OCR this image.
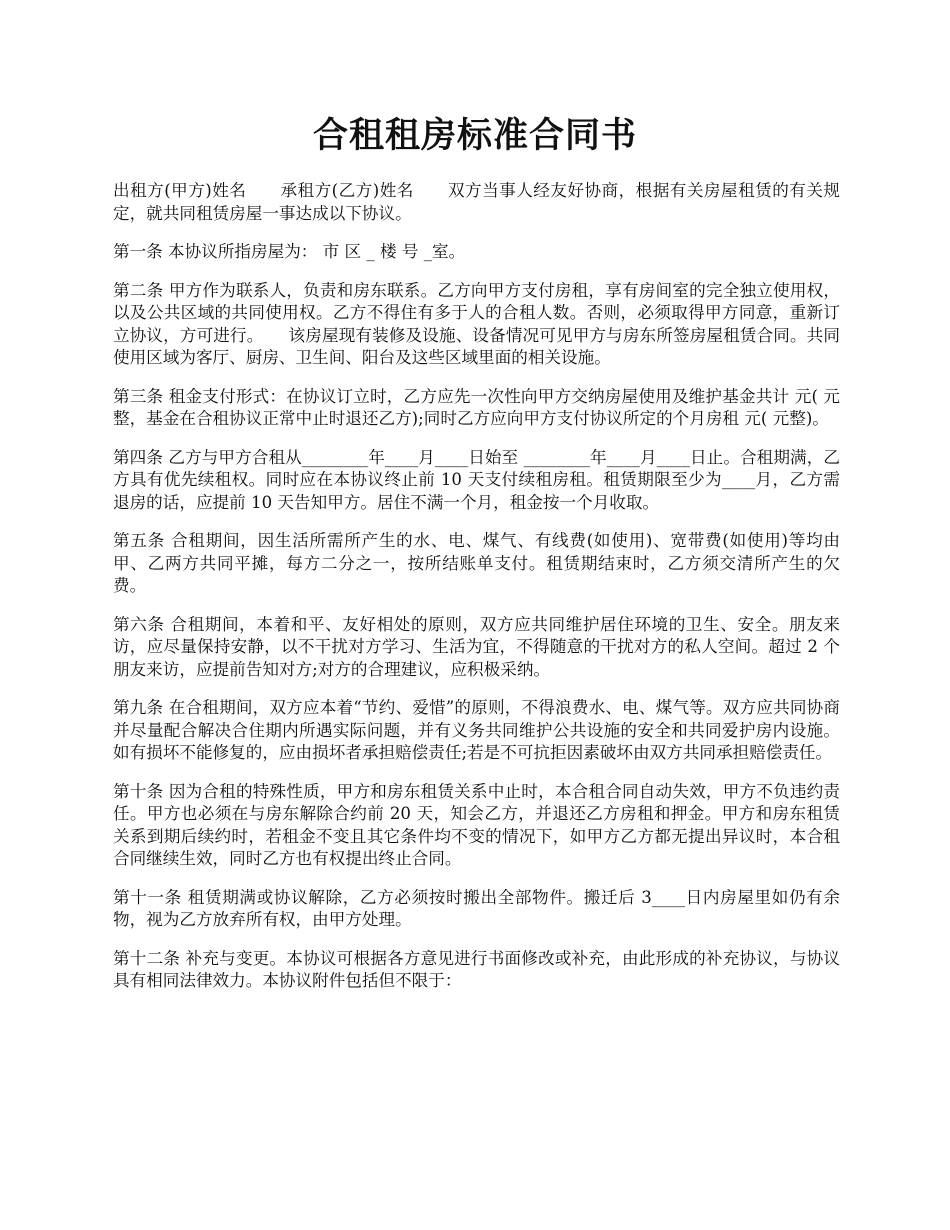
合租租房标准合同书

出租方(甲方)姓名　　承租方(乙方)姓名　　双方当事人经友好协商，根据有关房屋租赁的有关规定，就共同租赁房屋一事达成以下协议。

第一条 本协议所指房屋为： 市 区 _ 楼 号 _室。

第二条 甲方作为联系人，负责和房东联系。乙方向甲方支付房租，享有房间室的完全独立使用权，以及公共区域的共同使用权。乙方不得住有多于人的合租人数。否则，必须取得甲方同意，重新订立协议，方可进行。　　该房屋现有装修及设施、设备情况可见甲方与房东所签房屋租赁合同。共同使用区域为客厅、厨房、卫生间、阳台及这些区域里面的相关设施。

第三条 租金支付形式：在协议订立时，乙方应先一次性向甲方交纳房屋使用及维护基金共计 元( 元整，基金在合租协议正常中止时退还乙方);同时乙方应向甲方支付协议所定的个月房租 元( 元整)。

第四条 乙方与甲方合租从________年____月____日始至 ________年____月____日止。合租期满，乙方具有优先续租权。同时应在本协议终止前 10 天支付续租房租。租赁期限至少为____月，乙方需退房的话，应提前 10 天告知甲方。居住不满一个月，租金按一个月收取。

第五条 合租期间，因生活所需所产生的水、电、煤气、有线费(如使用)、宽带费(如使用)等均由甲、乙两方共同平摊，每方二分之一，按所结账单支付。租赁期结束时，乙方须交清所产生的欠费。

第六条 合租期间，本着和平、友好相处的原则，双方应共同维护居住环境的卫生、安全。朋友来访，应尽量保持安静，以不干扰对方学习、生活为宜，不得随意的干扰对方的私人空间。超过 2 个朋友来访，应提前告知对方;对方的合理建议，应积极采纳。

第九条 在合租期间，双方应本着“节约、爱惜”的原则，不得浪费水、电、煤气等。双方应共同协商并尽量配合解决合住期内所遇实际问题，并有义务共同维护公共设施的安全和共同爱护房内设施。如有损坏不能修复的，应由损坏者承担赔偿责任;若是不可抗拒因素破坏由双方共同承担赔偿责任。

第十条 因为合租的特殊性质，甲方和房东租赁关系中止时，本合租合同自动失效，甲方不负违约责任。甲方也必须在与房东解除合约前 20 天，知会乙方，并退还乙方房租和押金。甲方和房东租赁关系到期后续约时，若租金不变且其它条件均不变的情况下，如甲方乙方都无提出异议时，本合租合同继续生效，同时乙方也有权提出终止合同。

第十一条 租赁期满或协议解除，乙方必须按时搬出全部物件。搬迁后 3____日内房屋里如仍有余物，视为乙方放弃所有权，由甲方处理。

第十二条 补充与变更。本协议可根据各方意见进行书面修改或补充，由此形成的补充协议，与协议具有相同法律效力。本协议附件包括但不限于：
